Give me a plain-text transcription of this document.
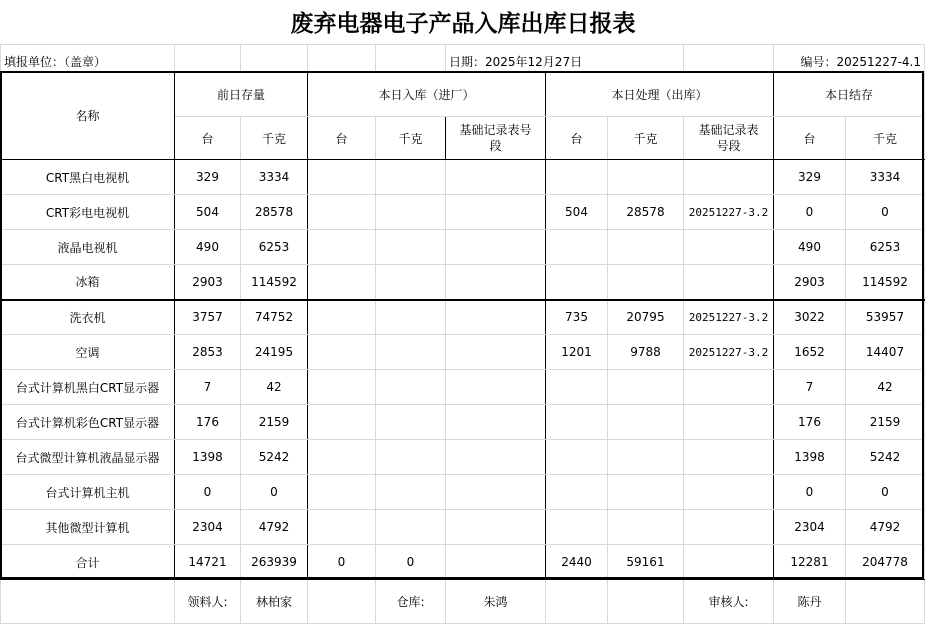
废弃电器电子产品入库出库日报表
填报单位：（盖章）					日期：2025年12月27日				编号：20251227-4.1	
名称	前日存量		本日入库（进厂）			本日处理（出库）			本日结存	
	台	千克	台	千克	基础记录表号段	台	千克	基础记录表号段	台	千克
CRT黑白电视机	329	3334							329	3334
CRT彩电电视机	504	28578				504	28578	20251227-3.2	0	0
液晶电视机	490	6253							490	6253
冰箱	2903	114592							2903	114592
洗衣机	3757	74752				735	20795	20251227-3.2	3022	53957
空调	2853	24195				1201	9788	20251227-3.2	1652	14407
台式计算机黑白CRT显示器	7	42							7	42
台式计算机彩色CRT显示器	176	2159							176	2159
台式微型计算机液晶显示器	1398	5242							1398	5242
台式计算机主机	0	0							0	0
其他微型计算机	2304	4792							2304	4792
合计	14721	263939	0	0		2440	59161		12281	204778
	领料人:	林柏家		仓库:	朱鸿			审核人:	陈丹	
